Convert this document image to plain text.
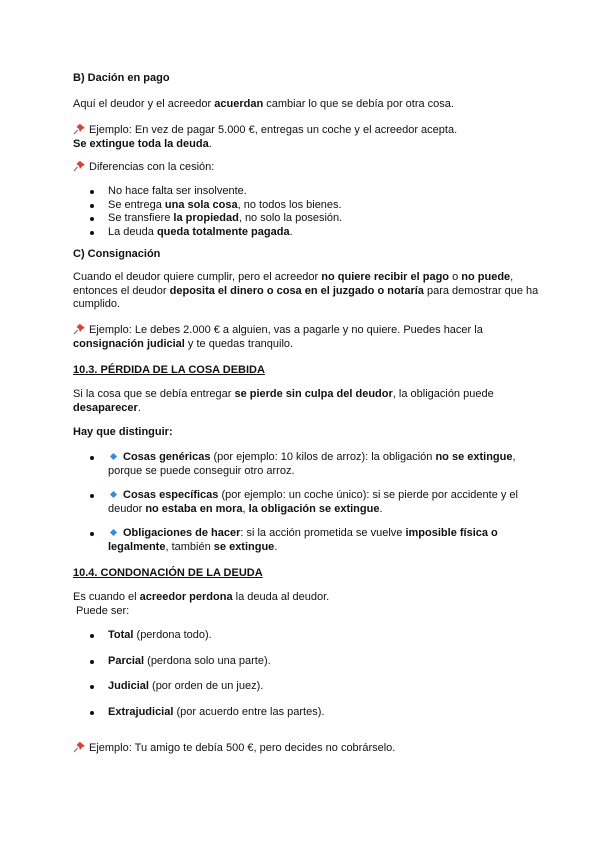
B) Dación en pago
Aquí el deudor y el acreedor acuerdan cambiar lo que se debía por otra cosa.
Ejemplo: En vez de pagar 5.000 €, entregas un coche y el acreedor acepta.
Se extingue toda la deuda.
Diferencias con la cesión:
No hace falta ser insolvente.
Se entrega una sola cosa, no todos los bienes.
Se transfiere la propiedad, no solo la posesión.
La deuda queda totalmente pagada.
C) Consignación
Cuando el deudor quiere cumplir, pero el acreedor no quiere recibir el pago o no puede, entonces el deudor deposita el dinero o cosa en el juzgado o notaría para demostrar que ha cumplido.
Ejemplo: Le debes 2.000 € a alguien, vas a pagarle y no quiere. Puedes hacer la consignación judicial y te quedas tranquilo.
10.3. PÉRDIDA DE LA COSA DEBIDA
Si la cosa que se debía entregar se pierde sin culpa del deudor, la obligación puede
desaparecer.
Hay que distinguir:
Cosas genéricas (por ejemplo: 10 kilos de arroz): la obligación no se extingue, porque se puede conseguir otro arroz.
Cosas específicas (por ejemplo: un coche único): si se pierde por accidente y el deudor no estaba en mora, la obligación se extingue.
Obligaciones de hacer: si la acción prometida se vuelve imposible física o legalmente, también se extingue.
10.4. CONDONACIÓN DE LA DEUDA
Es cuando el acreedor perdona la deuda al deudor.
Puede ser:
Total (perdona todo).
Parcial (perdona solo una parte).
Judicial (por orden de un juez).
Extrajudicial (por acuerdo entre las partes).
Ejemplo: Tu amigo te debía 500 €, pero decides no cobrárselo.
